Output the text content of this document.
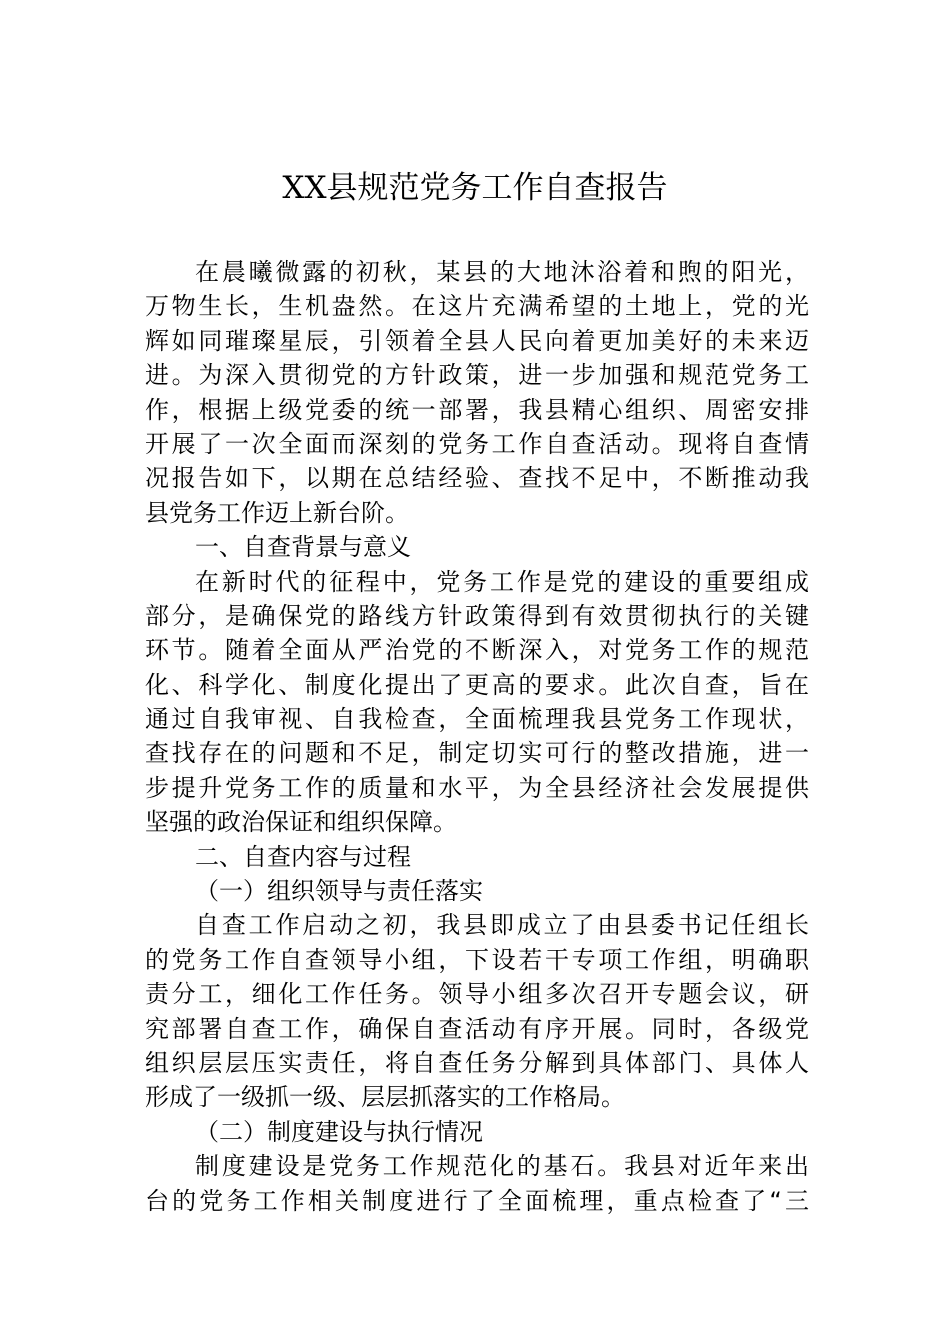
XX县规范党务工作自查报告
在晨曦微露的初秋，某县的大地沐浴着和煦的阳光，
万物生长，生机盎然。在这片充满希望的土地上，党的光
辉如同璀璨星辰，引领着全县人民向着更加美好的未来迈
进。为深入贯彻党的方针政策，进一步加强和规范党务工
作，根据上级党委的统一部署，我县精心组织、周密安排
开展了一次全面而深刻的党务工作自查活动。现将自查情
况报告如下，以期在总结经验、查找不足中，不断推动我
县党务工作迈上新台阶。
一、自查背景与意义
在新时代的征程中，党务工作是党的建设的重要组成
部分，是确保党的路线方针政策得到有效贯彻执行的关键
环节。随着全面从严治党的不断深入，对党务工作的规范
化、科学化、制度化提出了更高的要求。此次自查，旨在
通过自我审视、自我检查，全面梳理我县党务工作现状，
查找存在的问题和不足，制定切实可行的整改措施，进一
步提升党务工作的质量和水平，为全县经济社会发展提供
坚强的政治保证和组织保障。
二、自查内容与过程
（一）组织领导与责任落实
自查工作启动之初，我县即成立了由县委书记任组长
的党务工作自查领导小组，下设若干专项工作组，明确职
责分工，细化工作任务。领导小组多次召开专题会议，研
究部署自查工作，确保自查活动有序开展。同时，各级党
组织层层压实责任，将自查任务分解到具体部门、具体人
形成了一级抓一级、层层抓落实的工作格局。
（二）制度建设与执行情况
制度建设是党务工作规范化的基石。我县对近年来出
台的党务工作相关制度进行了全面梳理，重点检查了“三
